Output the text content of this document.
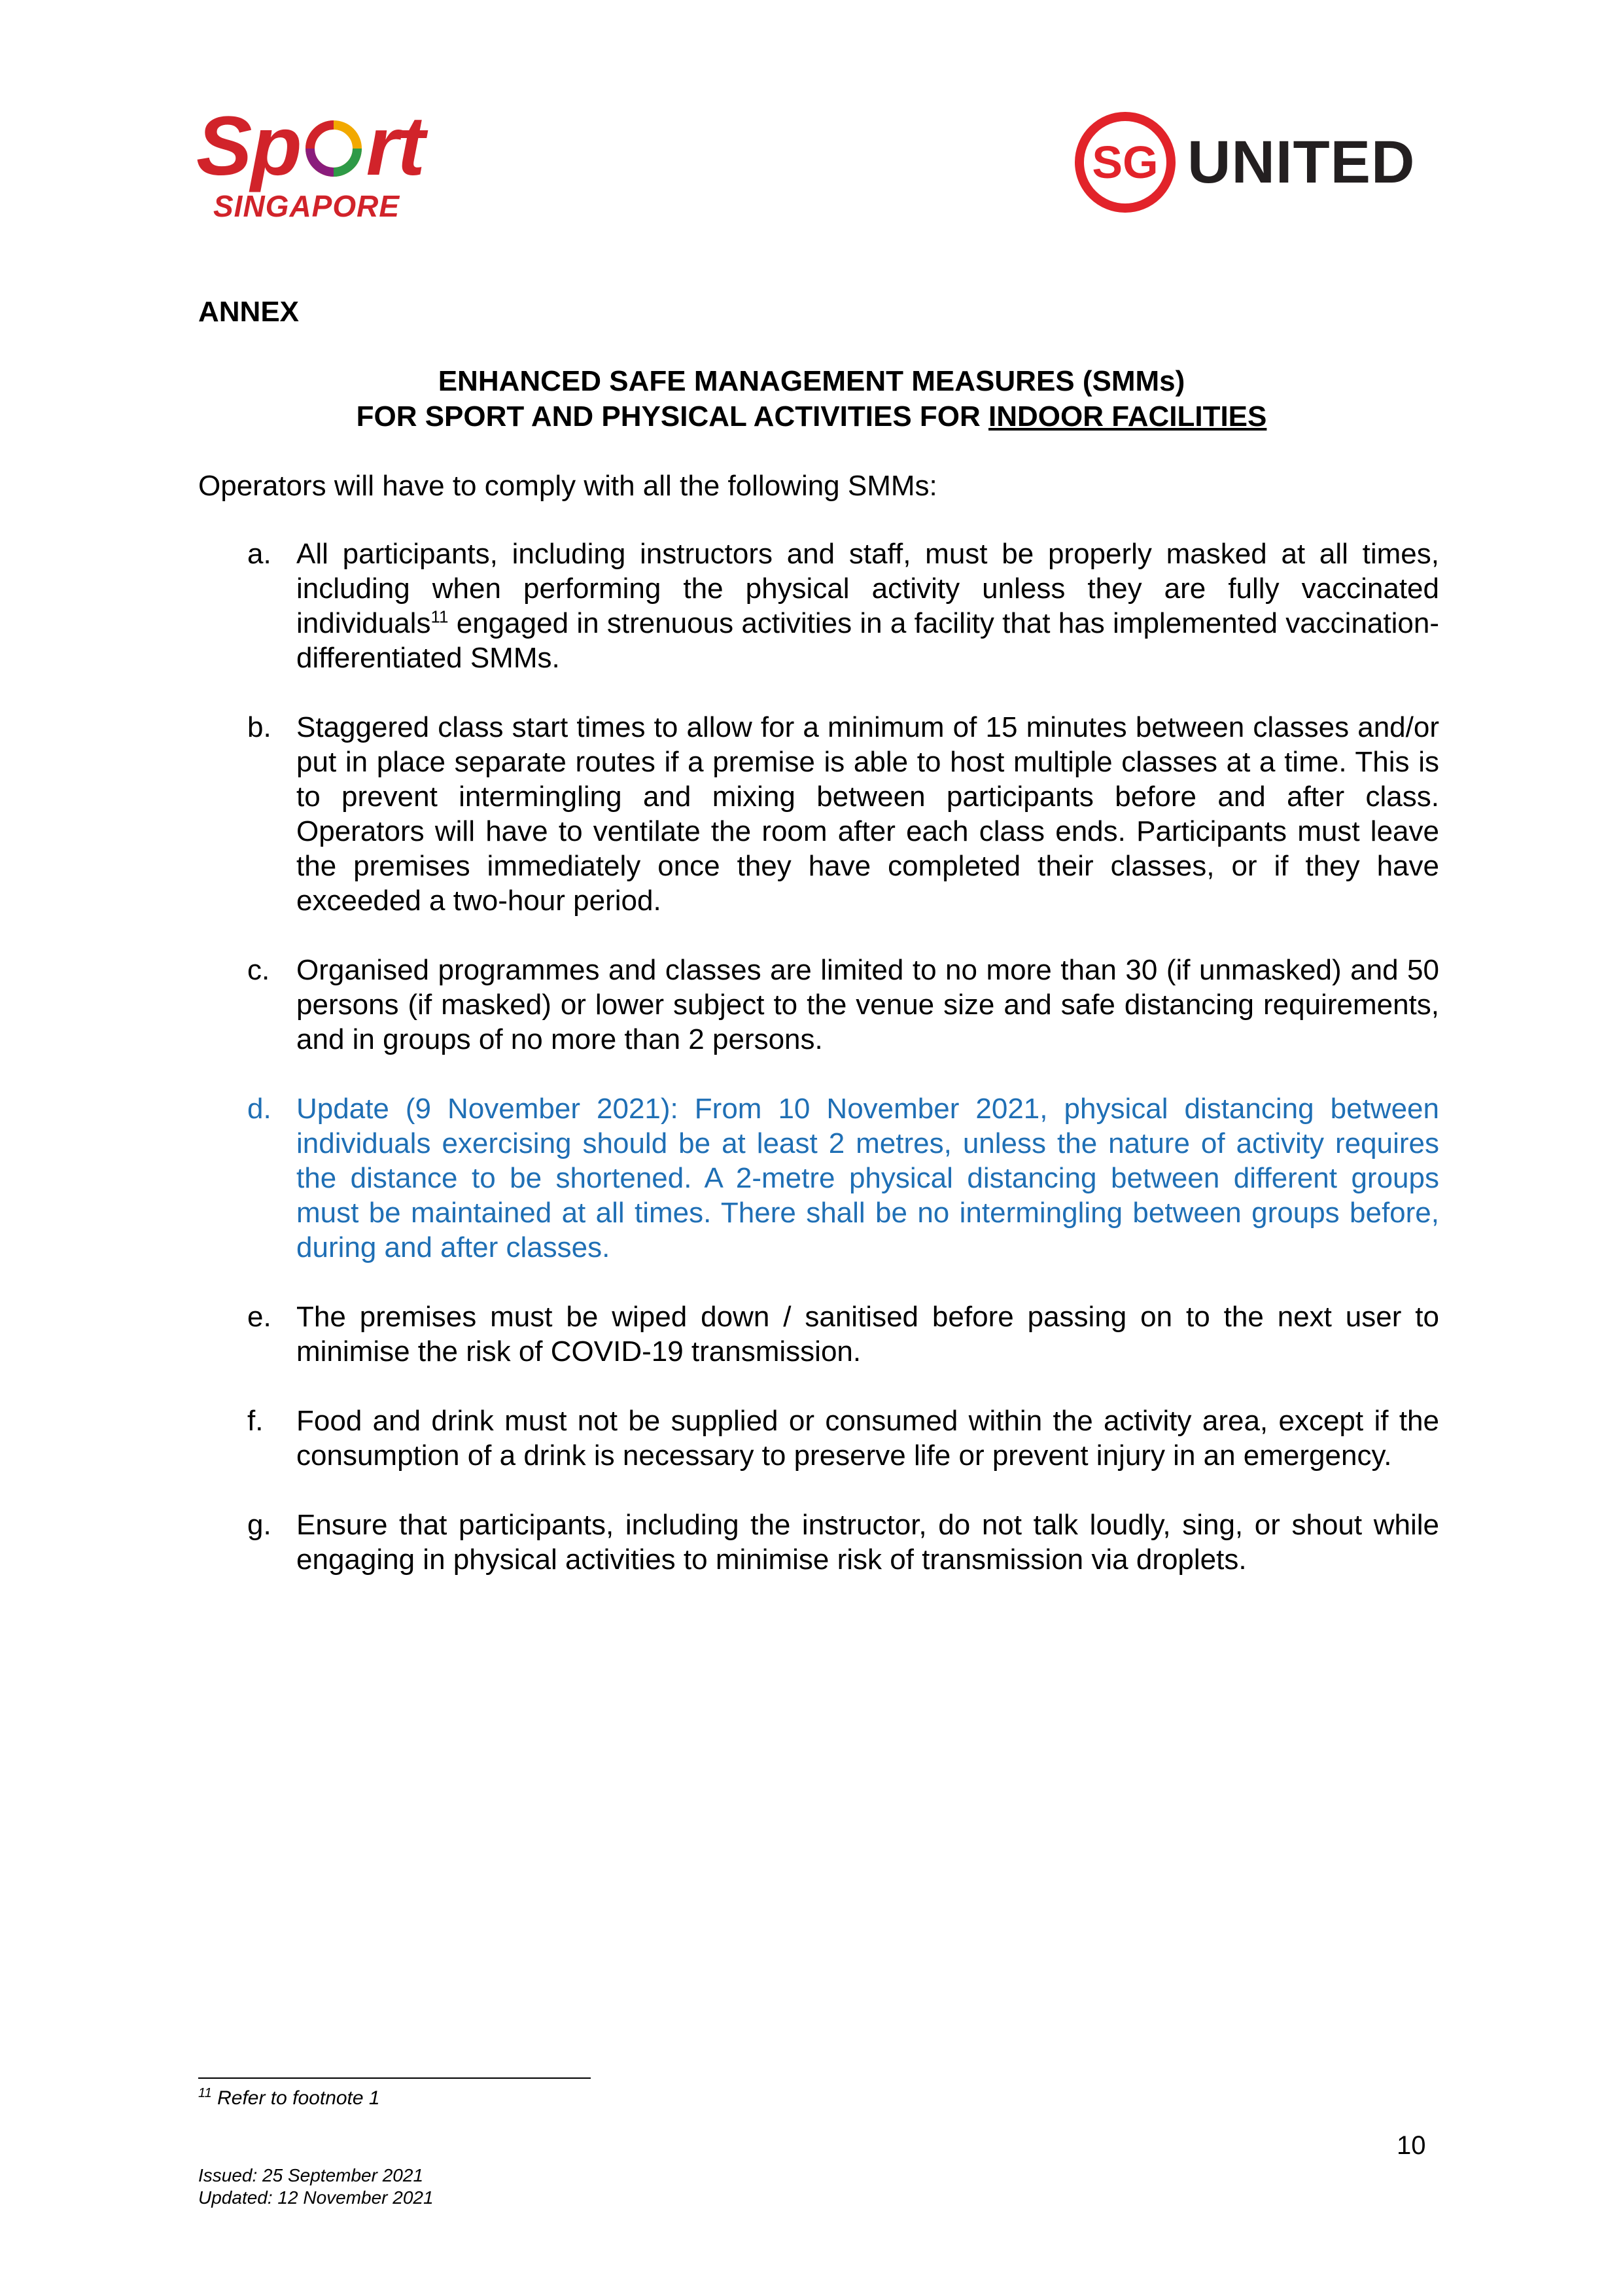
Sp rt
SINGAPORE
SG UNITED
ANNEX
ENHANCED SAFE MANAGEMENT MEASURES (SMMs)
FOR SPORT AND PHYSICAL ACTIVITIES FOR INDOOR FACILITIES
Operators will have to comply with all the following SMMs:
a. All participants, including instructors and staff, must be properly masked at all times, including when performing the physical activity unless they are fully vaccinated individuals$^{11}$ engaged in strenuous activities in a facility that has implemented vaccination-differentiated SMMs.
b. Staggered class start times to allow for a minimum of 15 minutes between classes and/or put in place separate routes if a premise is able to host multiple classes at a time. This is to prevent intermingling and mixing between participants before and after class. Operators will have to ventilate the room after each class ends. Participants must leave the premises immediately once they have completed their classes, or if they have exceeded a two-hour period.
c. Organised programmes and classes are limited to no more than 30 (if unmasked) and 50 persons (if masked) or lower subject to the venue size and safe distancing requirements, and in groups of no more than 2 persons.
d. Update (9 November 2021): From 10 November 2021, physical distancing between individuals exercising should be at least 2 metres, unless the nature of activity requires the distance to be shortened. A 2-metre physical distancing between different groups must be maintained at all times. There shall be no intermingling between groups before, during and after classes.
e. The premises must be wiped down / sanitised before passing on to the next user to minimise the risk of COVID-19 transmission.
f. Food and drink must not be supplied or consumed within the activity area, except if the consumption of a drink is necessary to preserve life or prevent injury in an emergency.
g. Ensure that participants, including the instructor, do not talk loudly, sing, or shout while engaging in physical activities to minimise risk of transmission via droplets.
$^{11}$ Refer to footnote 1
10
Issued: 25 September 2021
Updated: 12 November 2021
